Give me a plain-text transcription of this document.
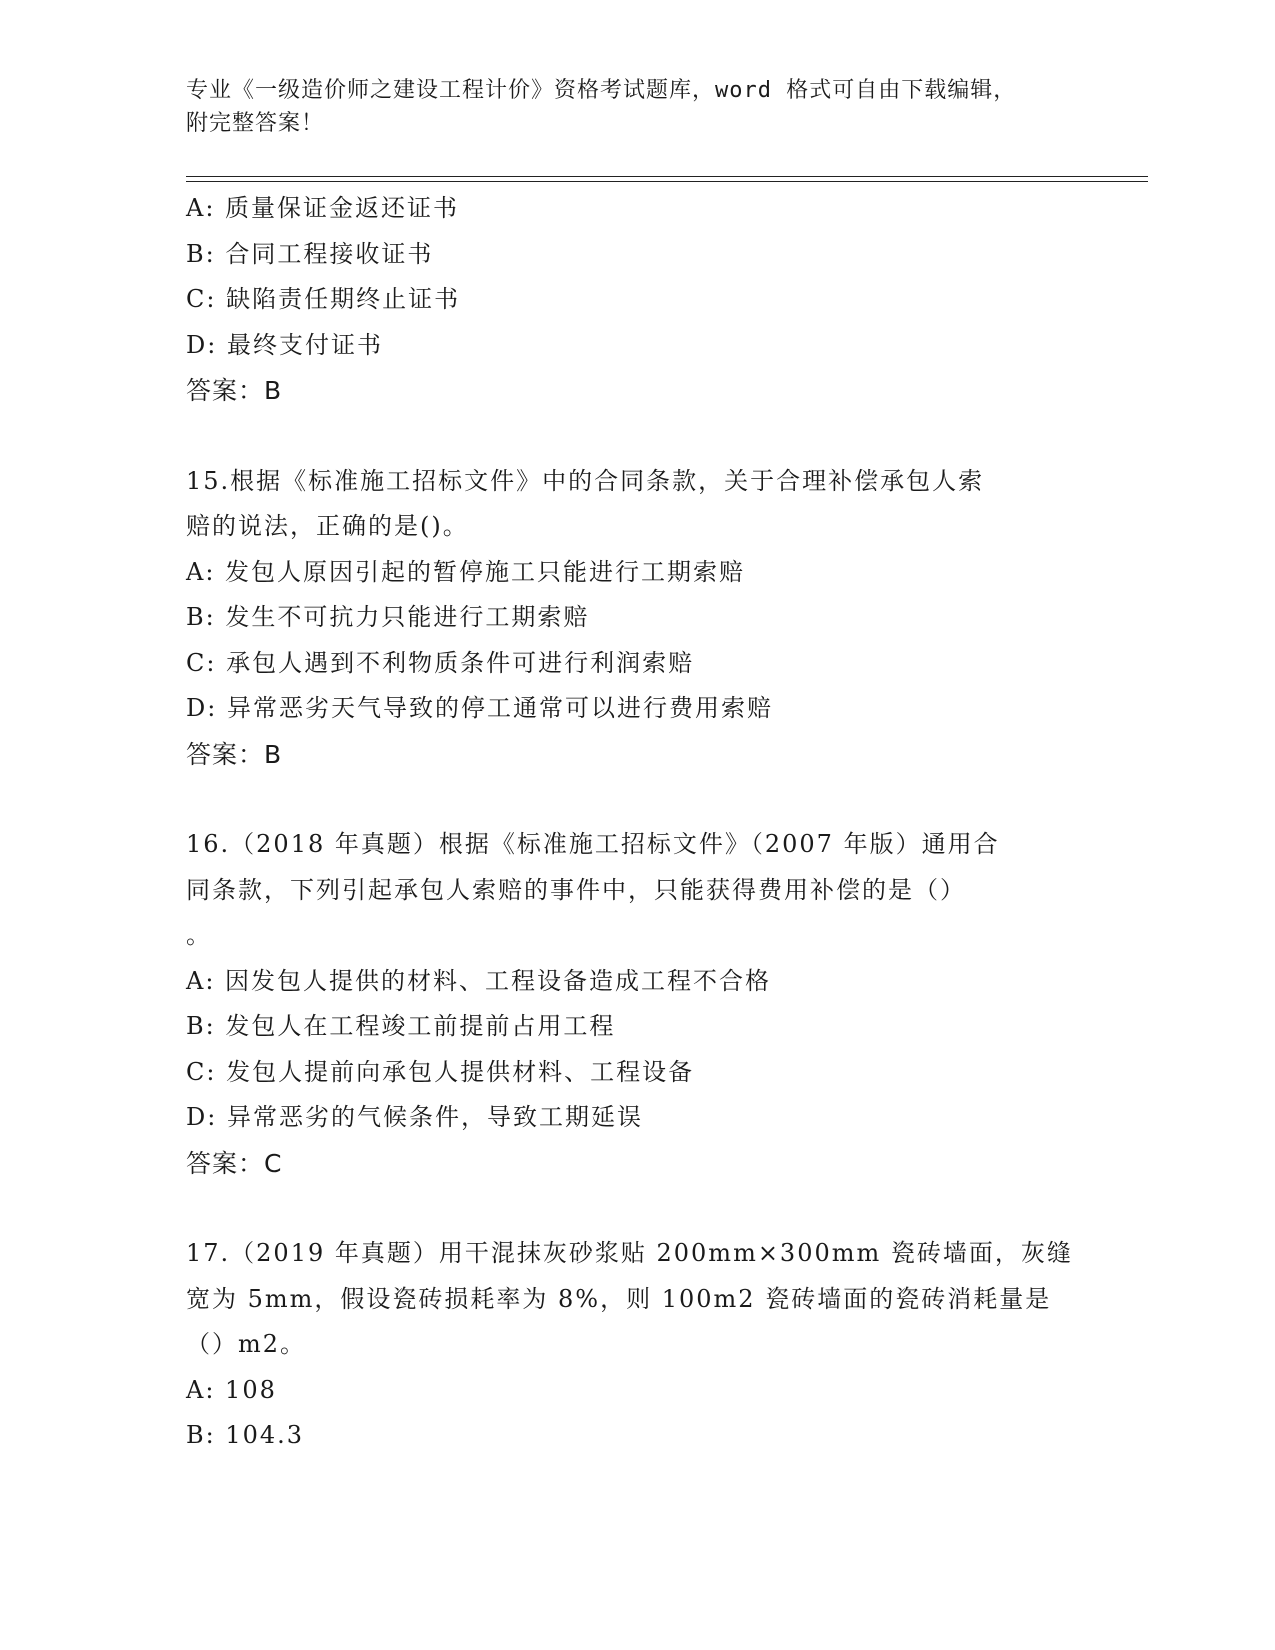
专业《一级造价师之建设工程计价》资格考试题库，word 格式可自由下载编辑，
附完整答案！
A: 质量保证金返还证书
B: 合同工程接收证书
C: 缺陷责任期终止证书
D: 最终支付证书
答案：B
15.根据《标准施工招标文件》中的合同条款，关于合理补偿承包人索
赔的说法，正确的是()。
A: 发包人原因引起的暂停施工只能进行工期索赔
B: 发生不可抗力只能进行工期索赔
C: 承包人遇到不利物质条件可进行利润索赔
D: 异常恶劣天气导致的停工通常可以进行费用索赔
答案：B
16.（2018 年真题）根据《标准施工招标文件》（2007 年版）通用合
同条款，下列引起承包人索赔的事件中，只能获得费用补偿的是（）
。
A: 因发包人提供的材料、工程设备造成工程不合格
B: 发包人在工程竣工前提前占用工程
C: 发包人提前向承包人提供材料、工程设备
D: 异常恶劣的气候条件，导致工期延误
答案：C
17.（2019 年真题）用干混抹灰砂浆贴 200mm×300mm 瓷砖墙面，灰缝
宽为 5mm，假设瓷砖损耗率为 8%，则 100m2 瓷砖墙面的瓷砖消耗量是
（）m2。
A: 108
B: 104.3
